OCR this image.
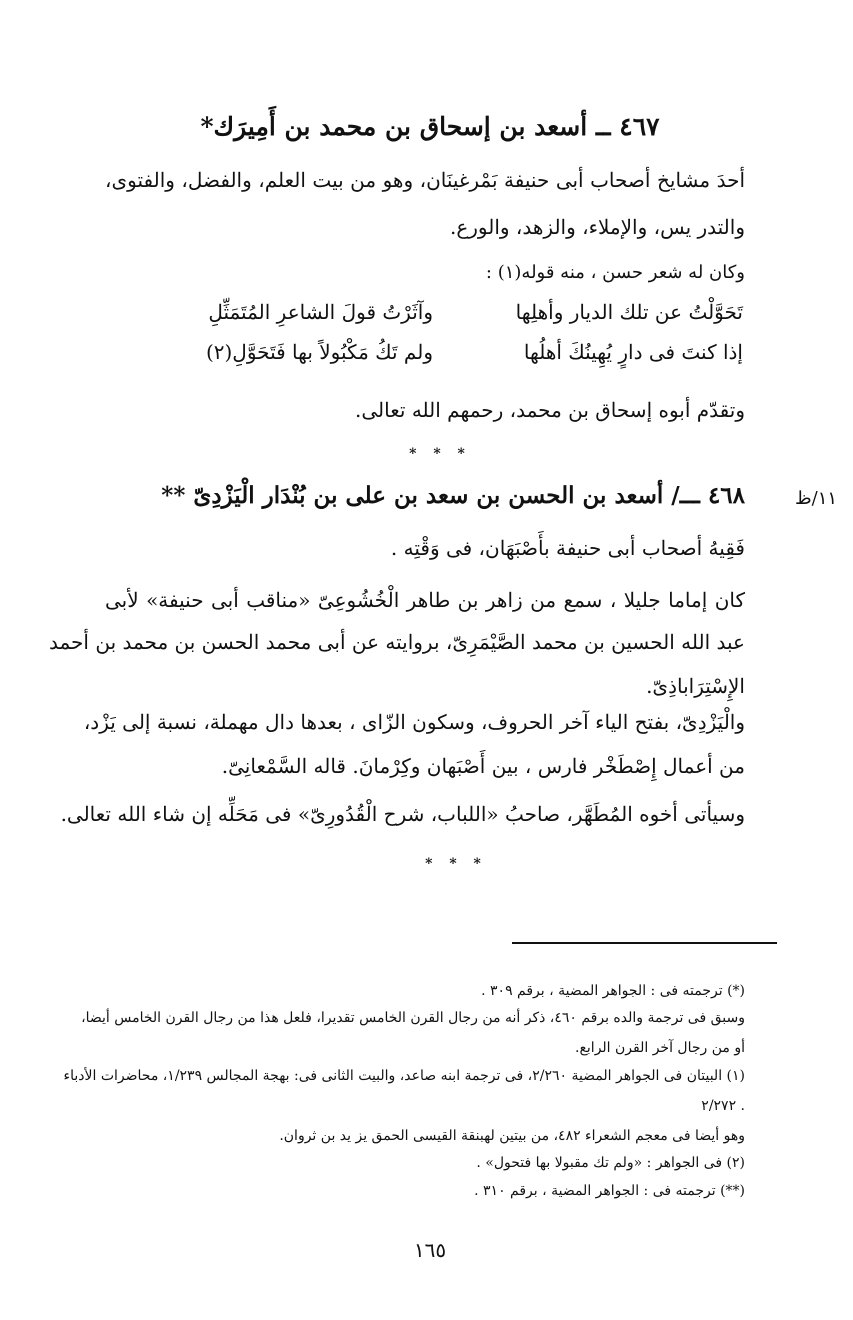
٤٦٧ ــ أسعد بن إسحاق بن محمد بن أَمِيرَك*
أحدَ مشايخ أصحاب أبى حنيفة بَمْرغينَان، وهو من بيت العلم، والفضل، والفتوى،
والتدر يس، والإملاء، والزهد، والورع.
وكان له شعر حسن ، منه قوله(١) :
تَحَوَّلْتُ عن تلك الديار وأهلِها
وآثَرْتُ قولَ الشاعرِ المُتَمَثِّلِ
إذا كنتَ فى دارٍ يُهِينُكَ أهلُها
ولم تَكُ مَكْبُولاً بها فَتَحَوَّلِ(٢)
وتقدّم أبوه إسحاق بن محمد، رحمهم الله تعالى.
* * *
١١/ظ
٤٦٨ ـــ/ أسعد بن الحسن بن سعد بن على بن بُنْدَار الْيَزْدِىّ **
فَقِيهُ أصحاب أبى حنيفة بأَصْبَهَان، فى وَقْتِه .
كان إماما جليلا ، سمع من زاهر بن طاهر الْخُشُوعِىّ «مناقب أبى حنيفة» لأبى
عبد الله الحسين بن محمد الصَّيْمَرِىّ، بروايته عن أبى محمد الحسن بن محمد بن أحمد
الإِسْتِرَاباذِىّ.
والْيَزْدِىّ، بفتح الياء آخر الحروف، وسكون الزّاى ، بعدها دال مهملة، نسبة إلى يَزْد،
من أعمال إِصْطَخْر فارس ، بين أَصْبَهان وكِرْمانَ. قاله السَّمْعانِىّ.
وسيأتى أخوه المُطَهَّر، صاحبُ «اللباب، شرح الْقُدُورِىّ» فى مَحَلِّه إن شاء الله تعالى.
* * *
(*) ترجمته فى : الجواهر المضية ، برقم ٣٠٩ .
وسبق فى ترجمة والده برقم ٤٦٠، ذكر أنه من رجال القرن الخامس تقديرا، فلعل هذا من رجال القرن الخامس أيضا،
أو من رجال آخر القرن الرابع.
(١) البيتان فى الجواهر المضية ٢/٢٦٠، فى ترجمة ابنه صاعد، والبيت الثانى فى: بهجة المجالس ١/٢٣٩، محاضرات الأدباء
٢/٢٧٢ .
وهو أيضا فى معجم الشعراء ٤٨٢، من بيتين لهبنقة القيسى الحمق يز يد بن ثروان.
(٢) فى الجواهر : «ولم تك مقبولا بها فتحول» .
(**) ترجمته فى : الجواهر المضية ، برقم ٣١٠ .
١٦٥
